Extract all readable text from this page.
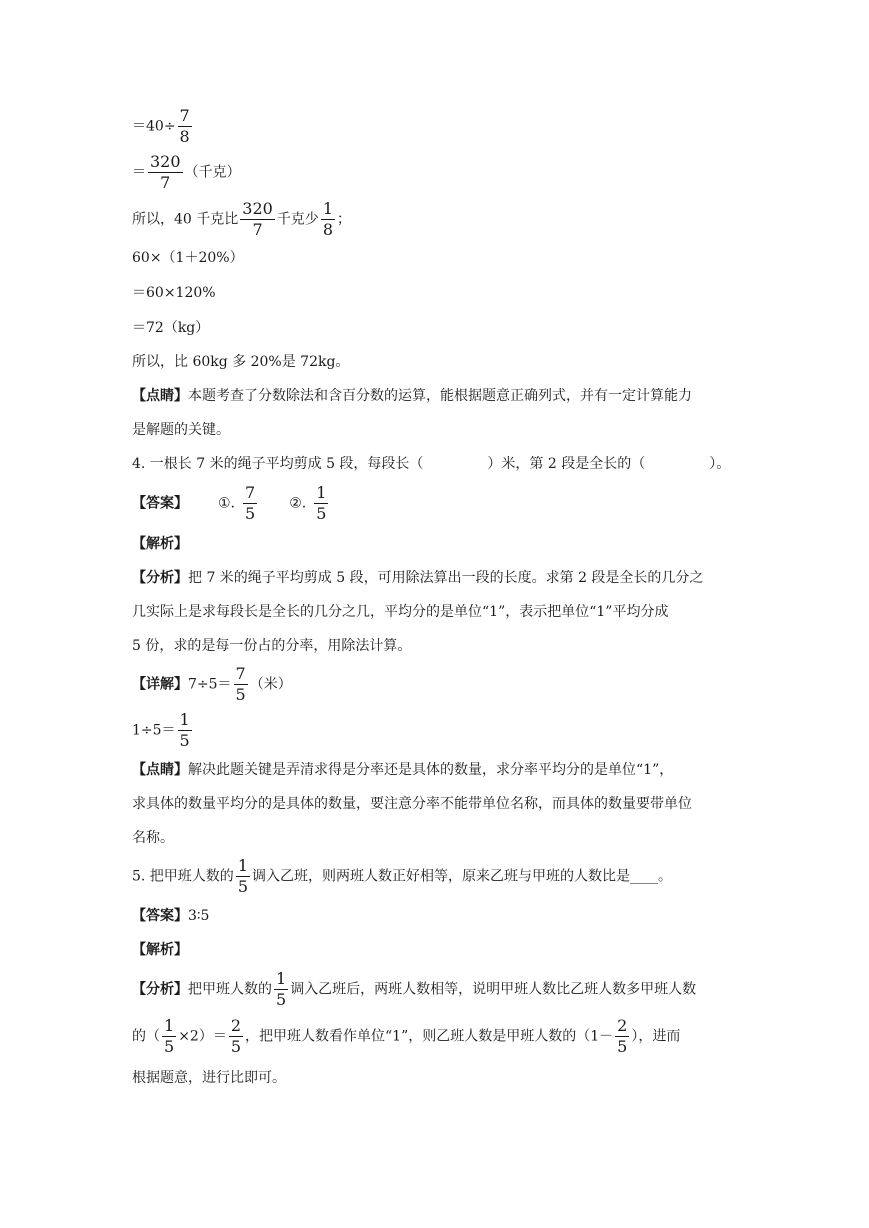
$=40\div \frac{7}{8}$
＝ $\frac{320}{7}$ （千克）
所以，40 千克比 $\frac{320}{7}$ 千克少 $\frac{1}{8}$ ；
60×（1＋20%）
＝60×120%
＝72（kg）
所以，比 60kg 多 20%是 72kg。
【点睛】本题考查了分数除法和含百分数的运算，能根据题意正确列式，并有一定计算能力
是解题的关键。
4. 一根长 7 米的绳子平均剪成 5 段，每段长（	）米，第 2 段是全长的（	）。
【答案】 ①. $\frac{7}{5}$ ②. $\frac{1}{5}$
【解析】
【分析】把 7 米的绳子平均剪成 5 段，可用除法算出一段的长度。求第 2 段是全长的几分之
几实际上是求每段长是全长的几分之几，平均分的是单位“1”，表示把单位“1”平均分成
5 份，求的是每一份占的分率，用除法计算。
【详解】$7\div 5= \frac{7}{5}$ （米）
$1\div 5= \frac{1}{5}$
【点睛】解决此题关键是弄清求得是分率还是具体的数量，求分率平均分的是单位“1”，
求具体的数量平均分的是具体的数量，要注意分率不能带单位名称，而具体的数量要带单位
名称。
5. 把甲班人数的 $\frac{1}{5}$ 调入乙班，则两班人数正好相等，原来乙班与甲班的人数比是____。
【答案】3∶5
【解析】
【分析】把甲班人数的 $\frac{1}{5}$ 调入乙班后，两班人数相等，说明甲班人数比乙班人数多甲班人数
的（ $\frac{1}{5} \times 2)= \frac{2}{5}$ ，把甲班人数看作单位“1”，则乙班人数是甲班人数的（$1- \frac{2}{5}$ ），进而
根据题意，进行比即可。
